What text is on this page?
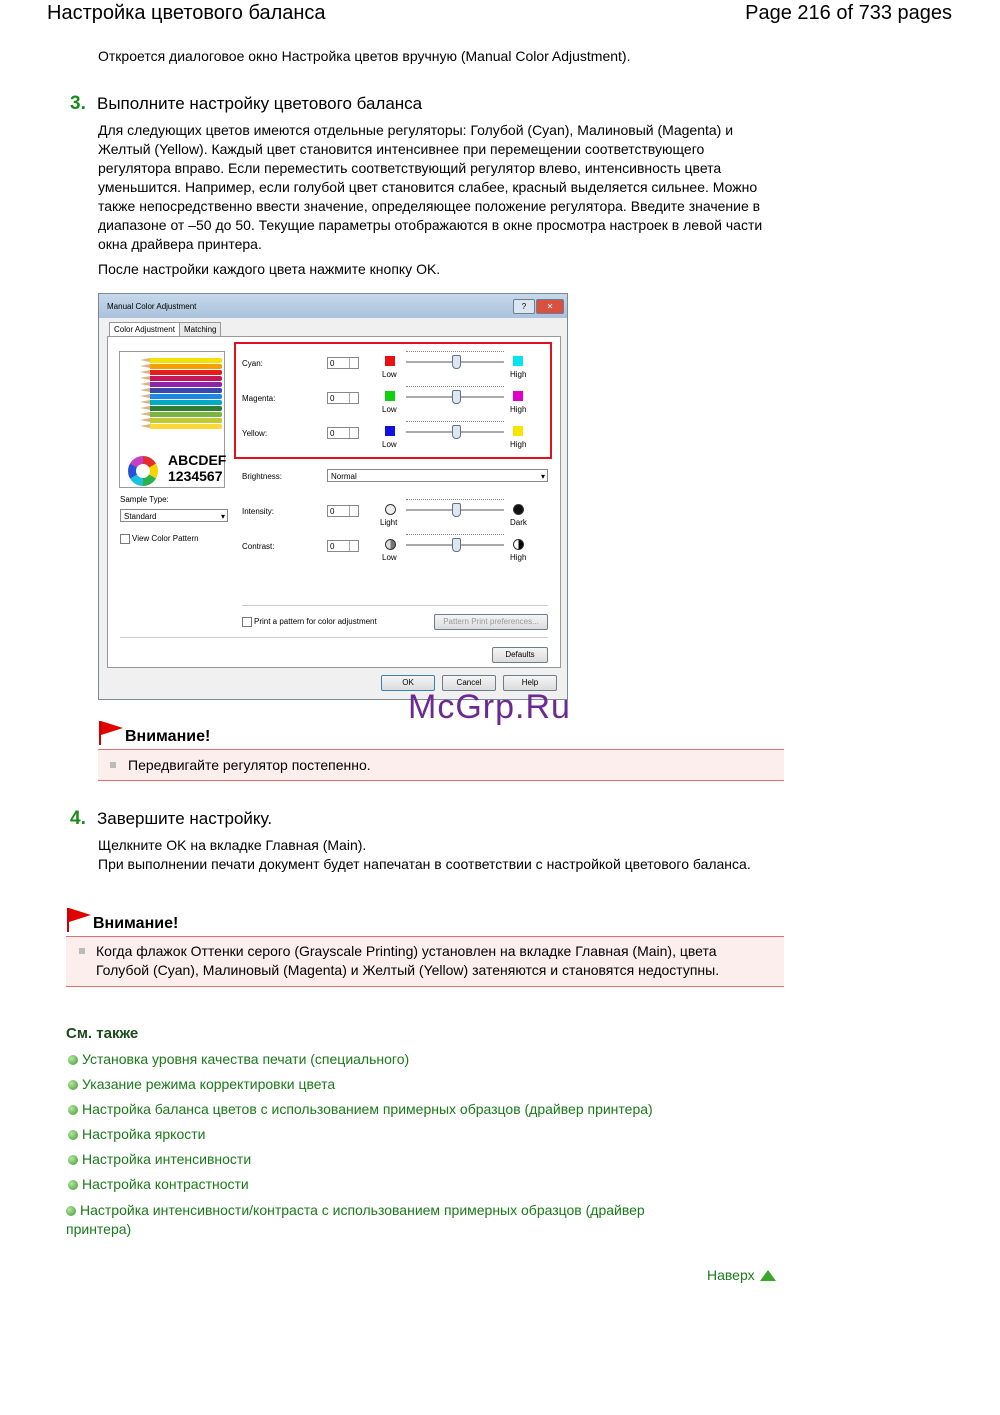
Настройка цветового баланса	Page 216 of 733 pages
Откроется диалоговое окно Настройка цветов вручную (Manual Color Adjustment).
3. Выполните настройку цветового баланса
Для следующих цветов имеются отдельные регуляторы: Голубой (Cyan), Малиновый (Magenta) и Желтый (Yellow). Каждый цвет становится интенсивнее при перемещении соответствующего регулятора вправо. Если переместить соответствующий регулятор влево, интенсивность цвета уменьшится. Например, если голубой цвет становится слабее, красный выделяется сильнее. Можно также непосредственно ввести значение, определяющее положение регулятора. Введите значение в диапазоне от –50 до 50. Текущие параметры отображаются в окне просмотра настроек в левой части окна драйвера принтера.
После настройки каждого цвета нажмите кнопку OK.
Manual Color Adjustment	?	✕
Color Adjustment	Matching
ABCDEF
1234567
Sample Type:
Standard ▾
View Color Pattern
Cyan:	0
Low	High
Magenta:	0
Low	High
Yellow:	0
Low	High
Brightness:	Normal ▾
Intensity:	0
Light	Dark
Contrast:	0
Low	High
Print a pattern for color adjustment	Pattern Print preferences...
Defaults
OK	Cancel	Help
McGrp.Ru
Внимание!
Передвигайте регулятор постепенно.
4. Завершите настройку.
Щелкните OK на вкладке Главная (Main).
При выполнении печати документ будет напечатан в соответствии с настройкой цветового баланса.
Внимание!
Когда флажок Оттенки серого (Grayscale Printing) установлен на вкладке Главная (Main), цвета Голубой (Cyan), Малиновый (Magenta) и Желтый (Yellow) затеняются и становятся недоступны.
См. также
Установка уровня качества печати (специального)
Указание режима корректировки цвета
Настройка баланса цветов с использованием примерных образцов (драйвер принтера)
Настройка яркости
Настройка интенсивности
Настройка контрастности
Настройка интенсивности/контраста с использованием примерных образцов (драйвер принтера)
Наверх
